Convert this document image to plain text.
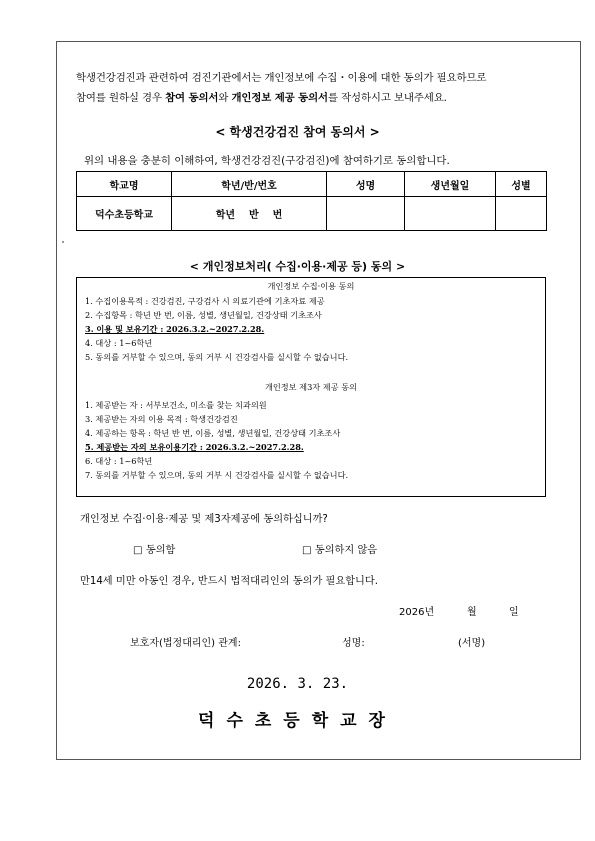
학생건강검진과 관련하여 검진기관에서는 개인정보에 수집・이용에 대한 동의가 필요하므로
참여를 원하실 경우 참여 동의서와 개인정보 제공 동의서를 작성하시고 보내주세요.
< 학생건강검진 참여 동의서 >
위의 내용을 충분히 이해하여, 학생건강검진(구강검진)에 참여하기로 동의합니다.
학교명	학년/반/번호	성명	생년월일	성별
덕수초등학교	학년    반    번			
< 개인정보처리( 수집·이용·제공 등) 동의 >
개인정보 수집·이용 동의
1. 수집이용목적 : 건강검진, 구강검사 시 의료기관에 기초자료 제공
2. 수집항목 : 학년 반 번, 이름, 성별, 생년월일, 건강상태 기초조사
3. 이용 및 보유기간 : 2026.3.2.~2027.2.28.
4. 대상 : 1~6학년
5. 동의를 거부할 수 있으며, 동의 거부 시 건강검사를 실시할 수 없습니다.
개인정보 제3자 제공 동의
1. 제공받는 자 : 서부보건소, 미소를 찾는 치과의원
3. 제공받는 자의 이용 목적 : 학생건강검진
4. 제공하는 항목 : 학년 반 번, 이름, 성별, 생년월일, 건강상태 기초조사
5. 제공받는 자의 보유이용기간 : 2026.3.2.~2027.2.28.
6. 대상 : 1~6학년
7. 동의를 거부할 수 있으며, 동의 거부 시 건강검사를 실시할 수 없습니다.
개인정보 수집·이용·제공 및 제3자제공에 동의하십니까?
□ 동의함	□ 동의하지 않음
만14세 미만 아동인 경우, 반드시 법적대리인의 동의가 필요합니다.
2026년	월	일
보호자(법정대리인) 관계:	성명:	(서명)
2026. 3. 23.
덕수초등학교장
